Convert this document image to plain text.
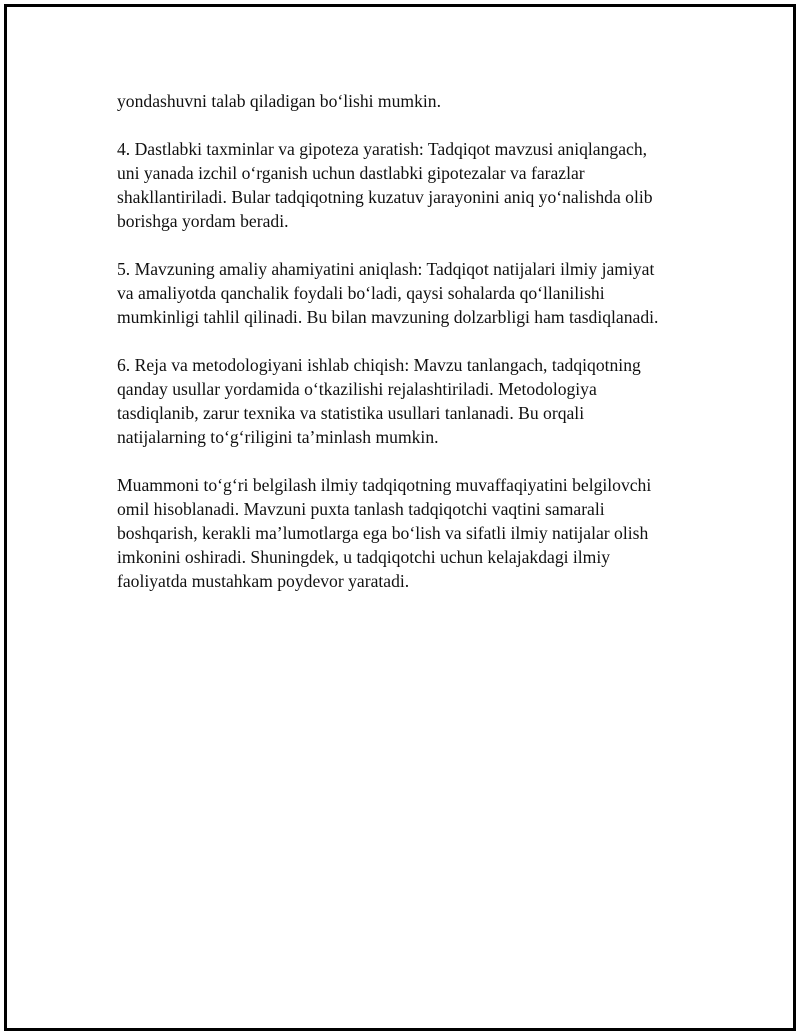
yondashuvni talab qiladigan bo‘lishi mumkin.

4. Dastlabki taxminlar va gipoteza yaratish: Tadqiqot mavzusi aniqlangach,
uni yanada izchil o‘rganish uchun dastlabki gipotezalar va farazlar
shakllantiriladi. Bular tadqiqotning kuzatuv jarayonini aniq yo‘nalishda olib
borishga yordam beradi.

5. Mavzuning amaliy ahamiyatini aniqlash: Tadqiqot natijalari ilmiy jamiyat
va amaliyotda qanchalik foydali bo‘ladi, qaysi sohalarda qo‘llanilishi
mumkinligi tahlil qilinadi. Bu bilan mavzuning dolzarbligi ham tasdiqlanadi.

6. Reja va metodologiyani ishlab chiqish: Mavzu tanlangach, tadqiqotning
qanday usullar yordamida o‘tkazilishi rejalashtiriladi. Metodologiya
tasdiqlanib, zarur texnika va statistika usullari tanlanadi. Bu orqali
natijalarning to‘g‘riligini ta’minlash mumkin.

Muammoni to‘g‘ri belgilash ilmiy tadqiqotning muvaffaqiyatini belgilovchi
omil hisoblanadi. Mavzuni puxta tanlash tadqiqotchi vaqtini samarali
boshqarish, kerakli ma’lumotlarga ega bo‘lish va sifatli ilmiy natijalar olish
imkonini oshiradi. Shuningdek, u tadqiqotchi uchun kelajakdagi ilmiy
faoliyatda mustahkam poydevor yaratadi.
